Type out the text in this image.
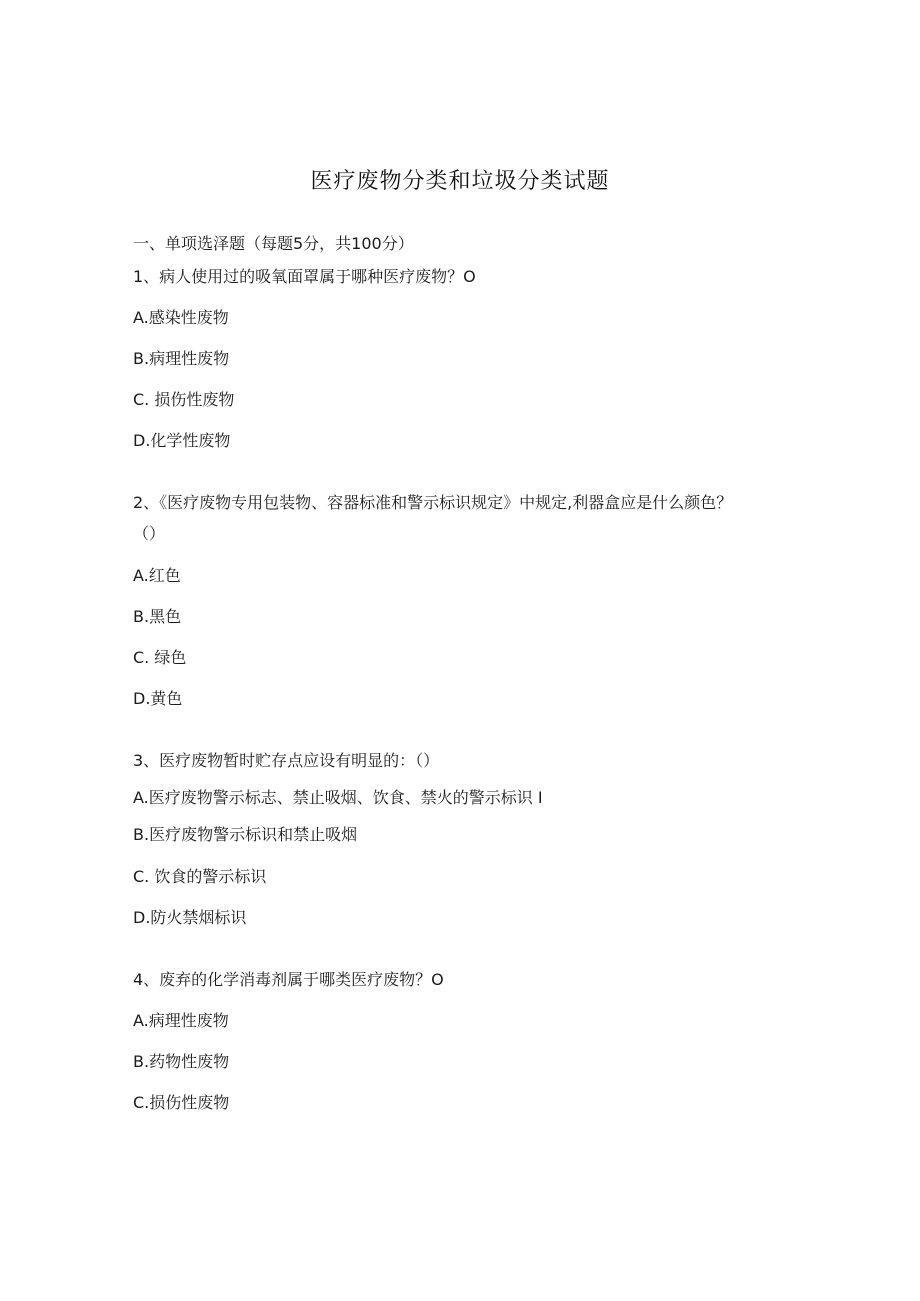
医疗废物分类和垃圾分类试题
一、单项选泽题（每题5分，共100分）
1、病人使用过的吸氧面罩属于哪种医疗废物？O
A.感染性废物
B.病理性废物
C. 损伤性废物
D.化学性废物
2、《医疗废物专用包装物、容器标准和警示标识规定》中规定,利器盒应是什么颜色？
（）
A.红色
B.黑色
C. 绿色
D.黄色
3、医疗废物暂时贮存点应设有明显的：（）
A.医疗废物警示标志、禁止吸烟、饮食、禁火的警示标识 I
B.医疗废物警示标识和禁止吸烟
C. 饮食的警示标识
D.防火禁烟标识
4、废弃的化学消毒剂属于哪类医疗废物？O
A.病理性废物
B.药物性废物
C.损伤性废物
